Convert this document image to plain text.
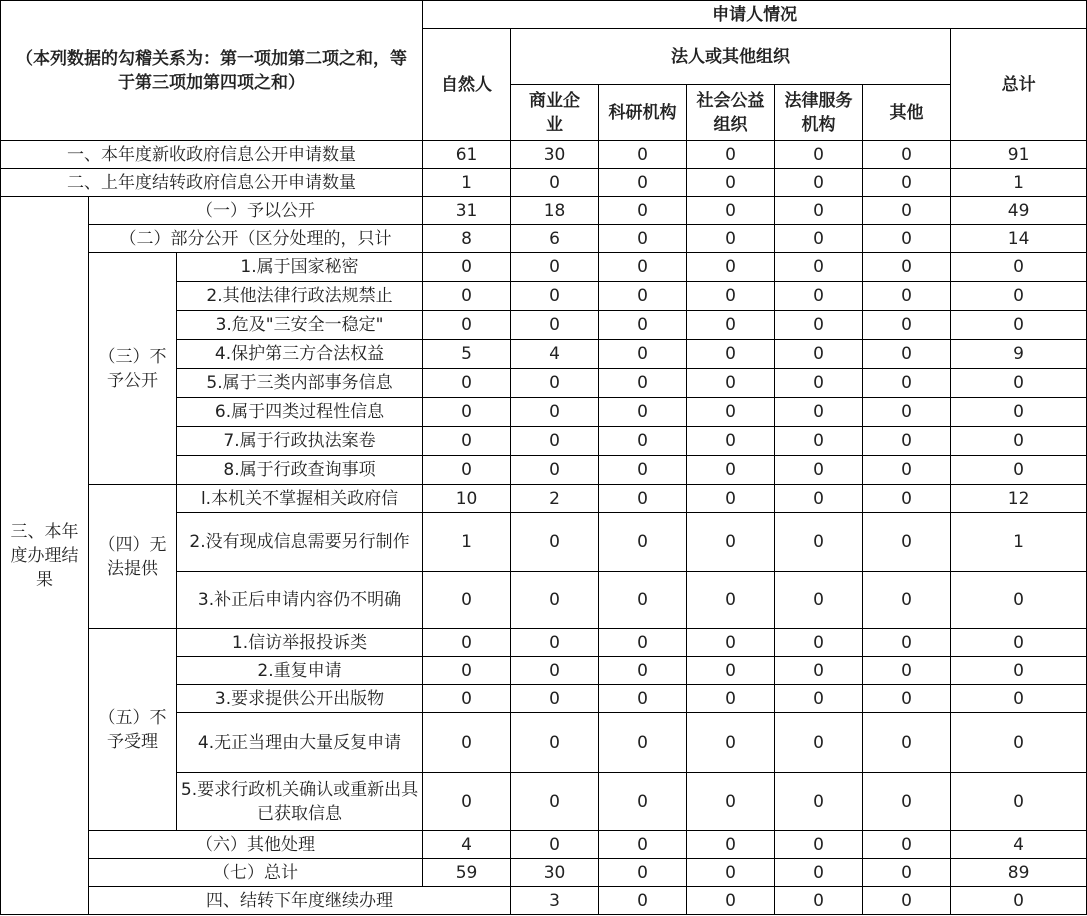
（本列数据的勾稽关系为：第一项加第二项之和，等于第三项加第四项之和）			申请人情况							
			自然人	法人或其他组织					总计	
				商业企业	科研机构	社会公益组织	法律服务机构	其他		
一、本年度新收政府信息公开申请数量			61	30	0	0	0	0	91	
二、上年度结转政府信息公开申请数量			1	0	0	0	0	0	1	
三、本年度办理结果	（一）予以公开		31	18	0	0	0	0	49	
	（二）部分公开（区分处理的，只计		8	6	0	0	0	0	14	
	（三）不予公开	1.属于国家秘密	0	0	0	0	0	0	0	
		2.其他法律行政法规禁止	0	0	0	0	0	0	0	
		3.危及"三安全一稳定"	0	0	0	0	0	0	0	
		4.保护第三方合法权益	5	4	0	0	0	0	9	
		5.属于三类内部事务信息	0	0	0	0	0	0	0	
		6.属于四类过程性信息	0	0	0	0	0	0	0	
		7.属于行政执法案卷	0	0	0	0	0	0	0	
		8.属于行政查询事项	0	0	0	0	0	0	0	
	（四）无法提供	l.本机关不掌握相关政府信	10	2	0	0	0	0	12	
		2.没有现成信息需要另行制作	1	0	0	0	0	0	1	
		3.补正后申请内容仍不明确	0	0	0	0	0	0	0	
	（五）不予受理	1.信访举报投诉类	0	0	0	0	0	0	0	
		2.重复申请	0	0	0	0	0	0	0	
		3.要求提供公开出版物	0	0	0	0	0	0	0	
		4.无正当理由大量反复申请	0	0	0	0	0	0	0	
		5.要求行政机关确认或重新出具已获取信息	0	0	0	0	0	0	0	
	（六）其他处理		4	0	0	0	0	0	4	
	（七）总计		59	30	0	0	0	0	89	
	四、结转下年度继续办理			3	0	0	0	0	0	
